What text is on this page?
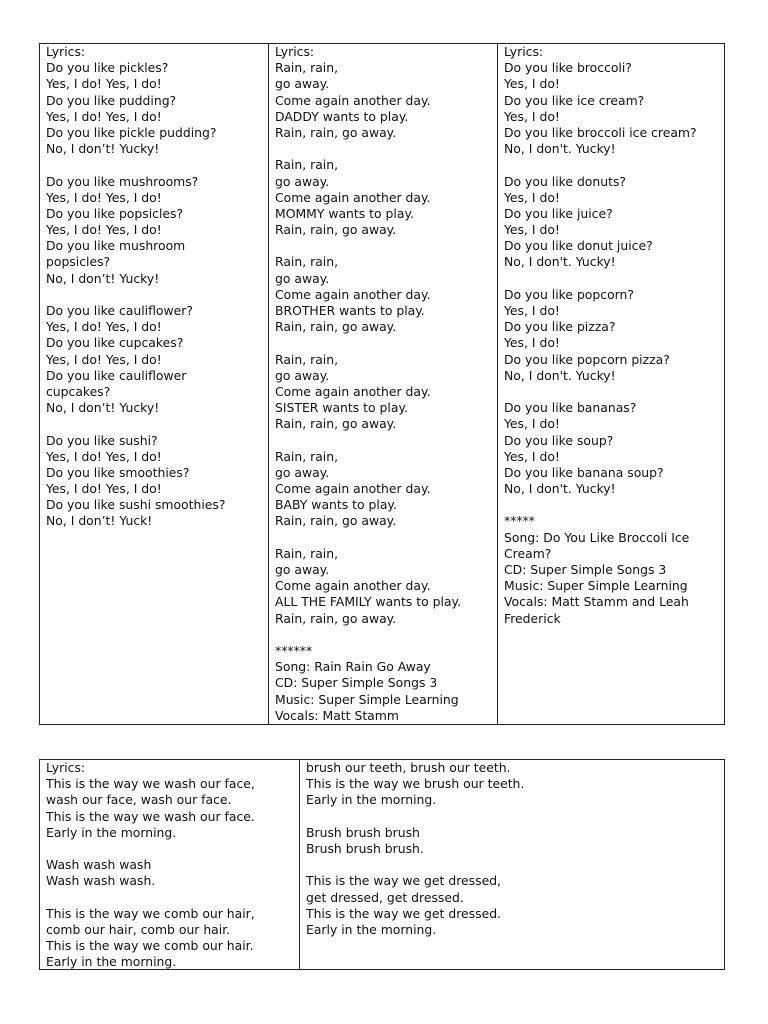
Lyrics:
Do you like pickles?
Yes, I do! Yes, I do!
Do you like pudding?
Yes, I do! Yes, I do!
Do you like pickle pudding?
No, I don’t! Yucky!
Do you like mushrooms?
Yes, I do! Yes, I do!
Do you like popsicles?
Yes, I do! Yes, I do!
Do you like mushroom
popsicles?
No, I don’t! Yucky!
Do you like cauliflower?
Yes, I do! Yes, I do!
Do you like cupcakes?
Yes, I do! Yes, I do!
Do you like cauliflower
cupcakes?
No, I don’t! Yucky!
Do you like sushi?
Yes, I do! Yes, I do!
Do you like smoothies?
Yes, I do! Yes, I do!
Do you like sushi smoothies?
No, I don’t! Yuck!
Lyrics:
Rain, rain,
go away.
Come again another day.
DADDY wants to play.
Rain, rain, go away.
Rain, rain,
go away.
Come again another day.
MOMMY wants to play.
Rain, rain, go away.
Rain, rain,
go away.
Come again another day.
BROTHER wants to play.
Rain, rain, go away.
Rain, rain,
go away.
Come again another day.
SISTER wants to play.
Rain, rain, go away.
Rain, rain,
go away.
Come again another day.
BABY wants to play.
Rain, rain, go away.
Rain, rain,
go away.
Come again another day.
ALL THE FAMILY wants to play.
Rain, rain, go away.
******
Song: Rain Rain Go Away
CD: Super Simple Songs 3
Music: Super Simple Learning
Vocals: Matt Stamm
Lyrics:
Do you like broccoli?
Yes, I do!
Do you like ice cream?
Yes, I do!
Do you like broccoli ice cream?
No, I don't. Yucky!
Do you like donuts?
Yes, I do!
Do you like juice?
Yes, I do!
Do you like donut juice?
No, I don't. Yucky!
Do you like popcorn?
Yes, I do!
Do you like pizza?
Yes, I do!
Do you like popcorn pizza?
No, I don't. Yucky!
Do you like bananas?
Yes, I do!
Do you like soup?
Yes, I do!
Do you like banana soup?
No, I don't. Yucky!
*****
Song: Do You Like Broccoli Ice
Cream?
CD: Super Simple Songs 3
Music: Super Simple Learning
Vocals: Matt Stamm and Leah
Frederick
Lyrics:
This is the way we wash our face,
wash our face, wash our face.
This is the way we wash our face.
Early in the morning.
Wash wash wash
Wash wash wash.
This is the way we comb our hair,
comb our hair, comb our hair.
This is the way we comb our hair.
Early in the morning.
brush our teeth, brush our teeth.
This is the way we brush our teeth.
Early in the morning.
Brush brush brush
Brush brush brush.
This is the way we get dressed,
get dressed, get dressed.
This is the way we get dressed.
Early in the morning.
